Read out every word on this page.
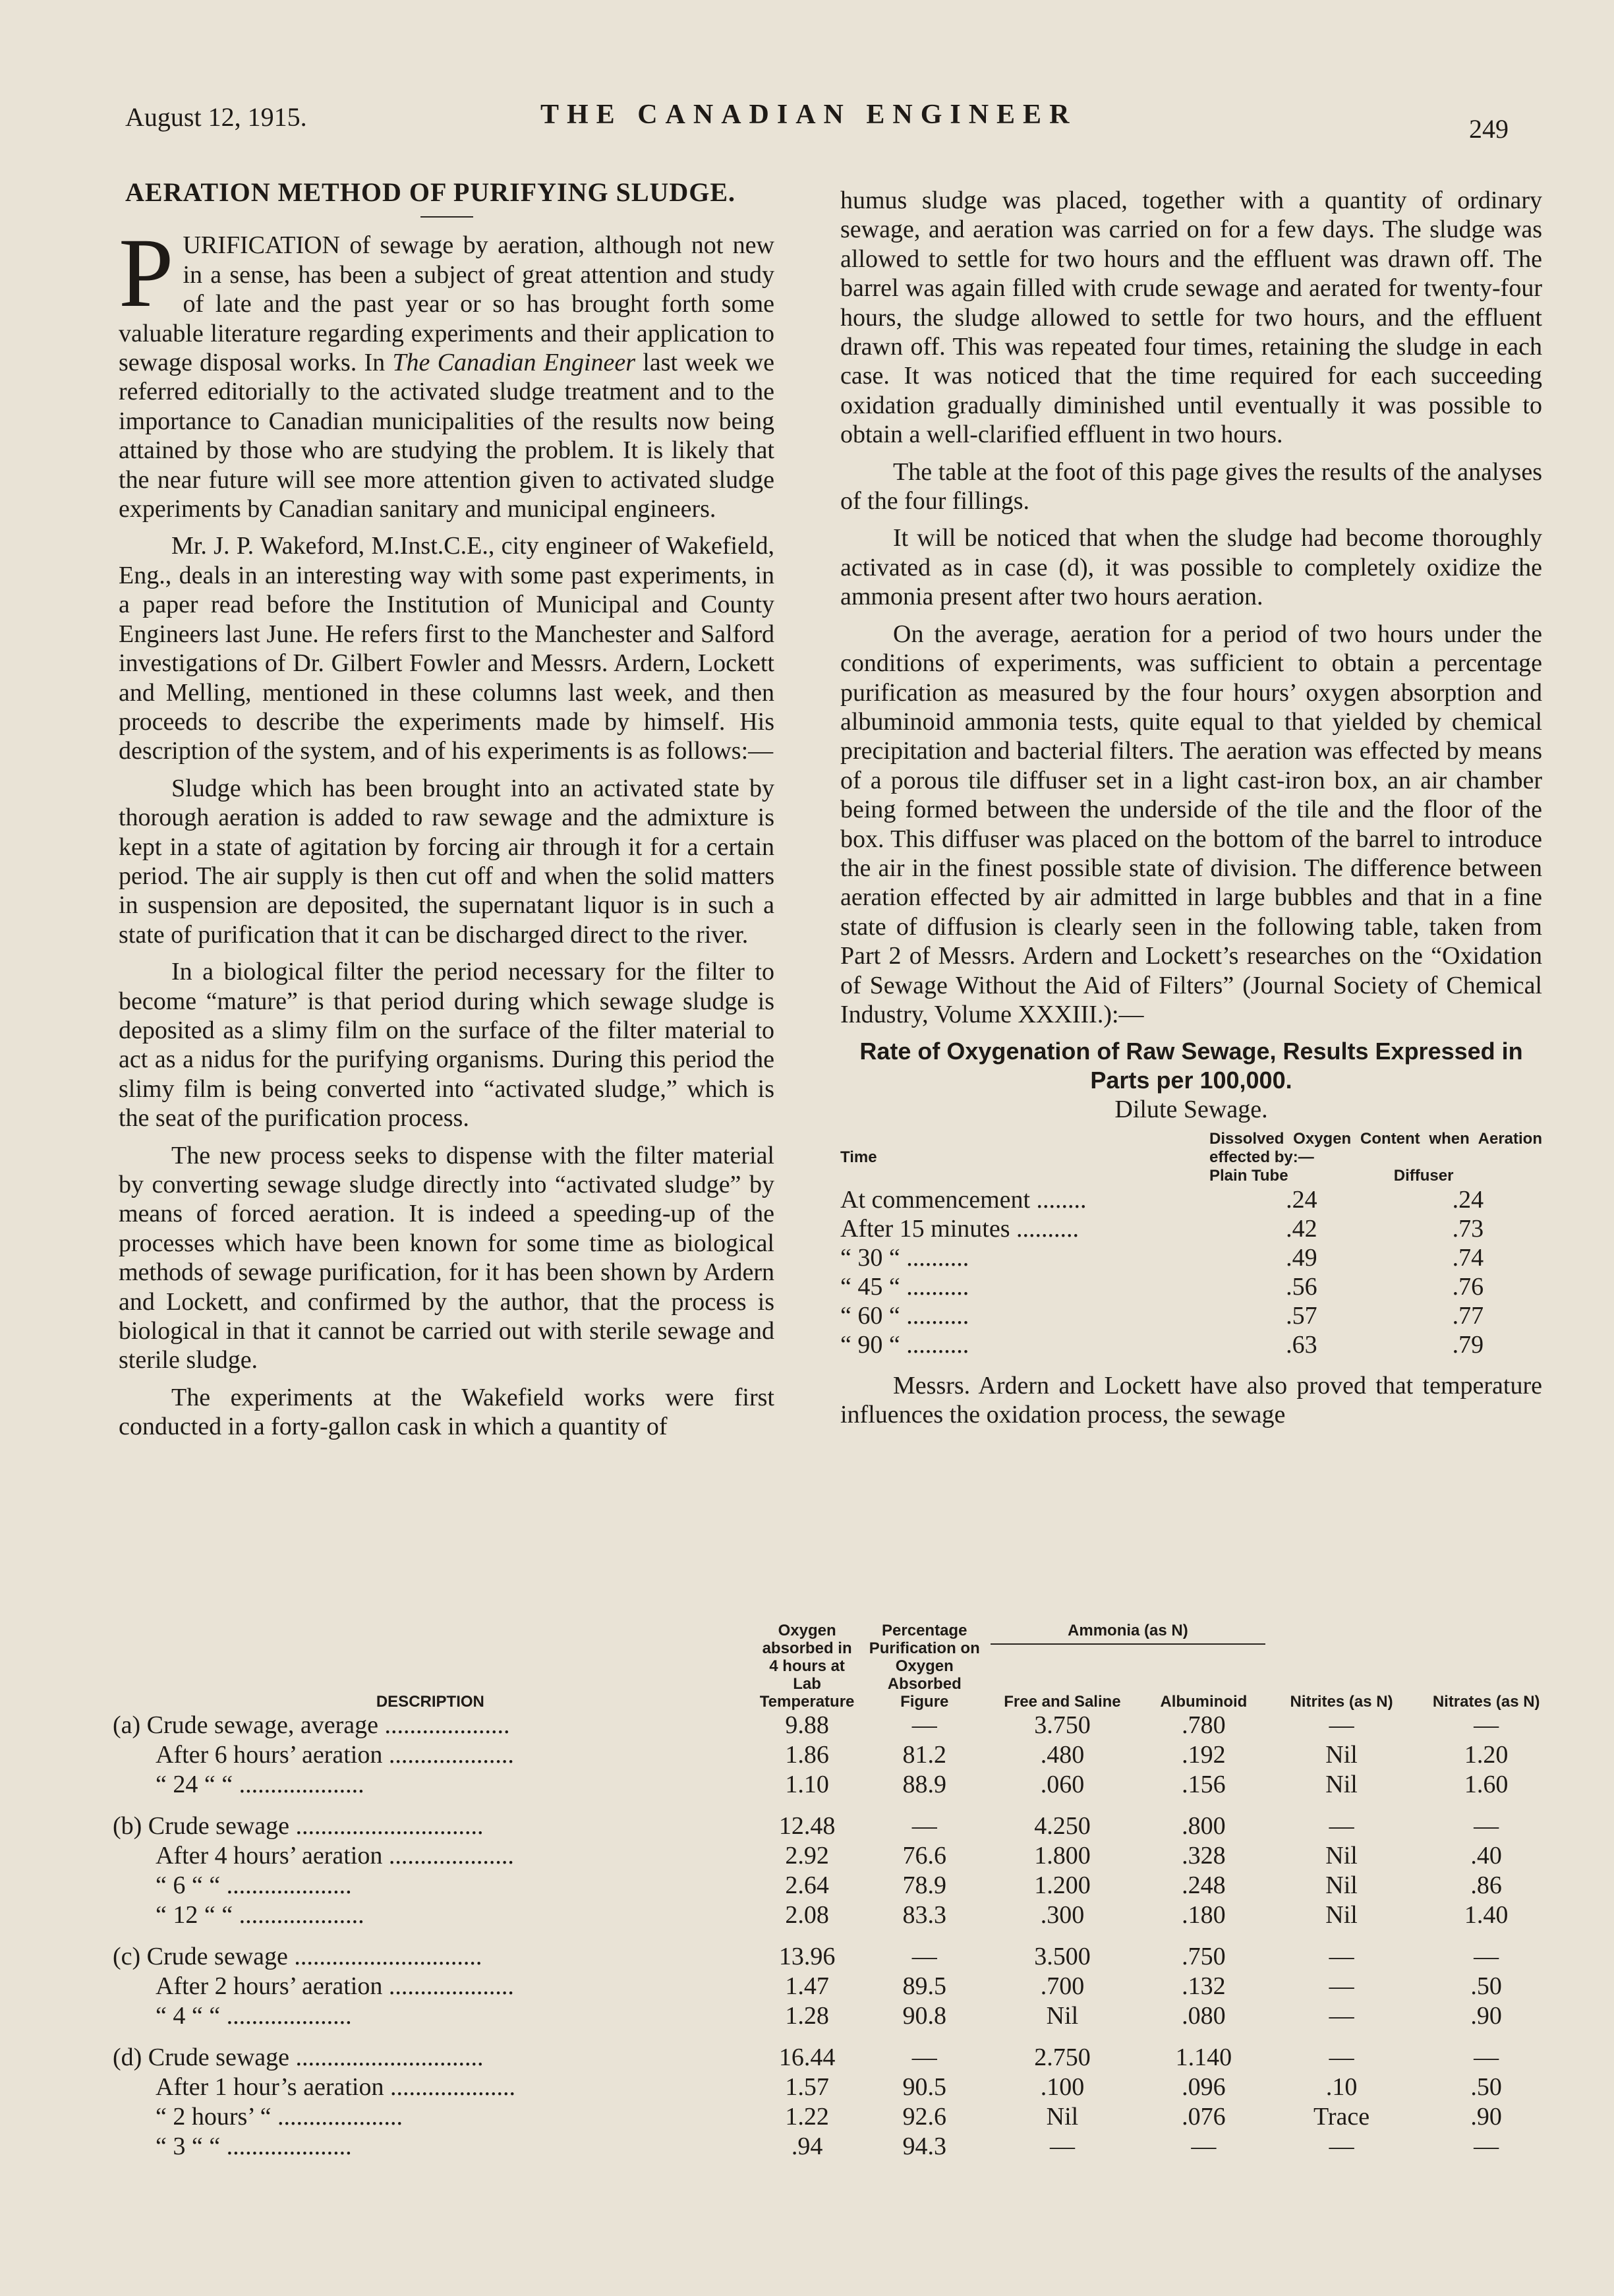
August 12, 1915.	THE CANADIAN ENGINEER	249
AERATION METHOD OF PURIFYING SLUDGE.

PURIFICATION of sewage by aeration, although not new in a sense, has been a subject of great attention and study of late and the past year or so has brought forth some valuable literature regarding experiments and their application to sewage disposal works. In The Canadian Engineer last week we referred editorially to the activated sludge treatment and to the importance to Canadian municipalities of the results now being attained by those who are studying the problem. It is likely that the near future will see more attention given to activated sludge experiments by Canadian sanitary and municipal engineers.

Mr. J. P. Wakeford, M.Inst.C.E., city engineer of Wakefield, Eng., deals in an interesting way with some past experiments, in a paper read before the Institution of Municipal and County Engineers last June. He refers first to the Manchester and Salford investigations of Dr. Gilbert Fowler and Messrs. Ardern, Lockett and Melling, mentioned in these columns last week, and then proceeds to describe the experiments made by himself. His description of the system, and of his experiments is as follows:—

Sludge which has been brought into an activated state by thorough aeration is added to raw sewage and the admixture is kept in a state of agitation by forcing air through it for a certain period. The air supply is then cut off and when the solid matters in suspension are deposited, the supernatant liquor is in such a state of purification that it can be discharged direct to the river.

In a biological filter the period necessary for the filter to become “mature” is that period during which sewage sludge is deposited as a slimy film on the surface of the filter material to act as a nidus for the purifying organisms. During this period the slimy film is being converted into “activated sludge,” which is the seat of the purification process.

The new process seeks to dispense with the filter material by converting sewage sludge directly into “activated sludge” by means of forced aeration. It is indeed a speeding-up of the processes which have been known for some time as biological methods of sewage purification, for it has been shown by Ardern and Lockett, and confirmed by the author, that the process is biological in that it cannot be carried out with sterile sewage and sterile sludge.

The experiments at the Wakefield works were first conducted in a forty-gallon cask in which a quantity of

humus sludge was placed, together with a quantity of ordinary sewage, and aeration was carried on for a few days. The sludge was allowed to settle for two hours and the effluent was drawn off. The barrel was again filled with crude sewage and aerated for twenty-four hours, the sludge allowed to settle for two hours, and the effluent drawn off. This was repeated four times, retaining the sludge in each case. It was noticed that the time required for each succeeding oxidation gradually diminished until eventually it was possible to obtain a well-clarified effluent in two hours.

The table at the foot of this page gives the results of the analyses of the four fillings.

It will be noticed that when the sludge had become thoroughly activated as in case (d), it was possible to completely oxidize the ammonia present after two hours aeration.

On the average, aeration for a period of two hours under the conditions of experiments, was sufficient to obtain a percentage purification as measured by the four hours’ oxygen absorption and albuminoid ammonia tests, quite equal to that yielded by chemical precipitation and bacterial filters. The aeration was effected by means of a porous tile diffuser set in a light cast-iron box, an air chamber being formed between the underside of the tile and the floor of the box. This diffuser was placed on the bottom of the barrel to introduce the air in the finest possible state of division. The difference between aeration effected by air admitted in large bubbles and that in a fine state of diffusion is clearly seen in the following table, taken from Part 2 of Messrs. Ardern and Lockett’s researches on the “Oxidation of Sewage Without the Aid of Filters” (Journal Society of Chemical Industry, Volume XXXIII.):—

Rate of Oxygenation of Raw Sewage, Results Expressed in Parts per 100,000.
Dilute Sewage.
Time	Dissolved Oxygen Content when Aeration effected by:—	
	Plain Tube	Diffuser
At commencement ........	.24	.24
After 15 minutes ..........	.42	.73
“ 30 “ ..........	.49	.74
“ 45 “ ..........	.56	.76
“ 60 “ ..........	.57	.77
“ 90 “ ..........	.63	.79

Messrs. Ardern and Lockett have also proved that temperature influences the oxidation process, the sewage

DESCRIPTION	Oxygen absorbed in 4 hours at Lab Temperature	Percentage Purification on Oxygen Absorbed Figure	Ammonia (as N)		Nitrites (as N)	Nitrates (as N)
			Free and Saline	Albuminoid		
(a) Crude sewage, average ....................	9.88	—	3.750	.780	—	—
After 6 hours’ aeration ....................	1.86	81.2	.480	.192	Nil	1.20
“ 24 “ “ ....................	1.10	88.9	.060	.156	Nil	1.60
(b) Crude sewage ..............................	12.48	—	4.250	.800	—	—
After 4 hours’ aeration ....................	2.92	76.6	1.800	.328	Nil	.40
“ 6 “ “ ....................	2.64	78.9	1.200	.248	Nil	.86
“ 12 “ “ ....................	2.08	83.3	.300	.180	Nil	1.40
(c) Crude sewage ..............................	13.96	—	3.500	.750	—	—
After 2 hours’ aeration ....................	1.47	89.5	.700	.132	—	.50
“ 4 “ “ ....................	1.28	90.8	Nil	.080	—	.90
(d) Crude sewage ..............................	16.44	—	2.750	1.140	—	—
After 1 hour’s aeration ....................	1.57	90.5	.100	.096	.10	.50
“ 2 hours’ “ ....................	1.22	92.6	Nil	.076	Trace	.90
“ 3 “ “ ....................	.94	94.3	—	—	—	—
